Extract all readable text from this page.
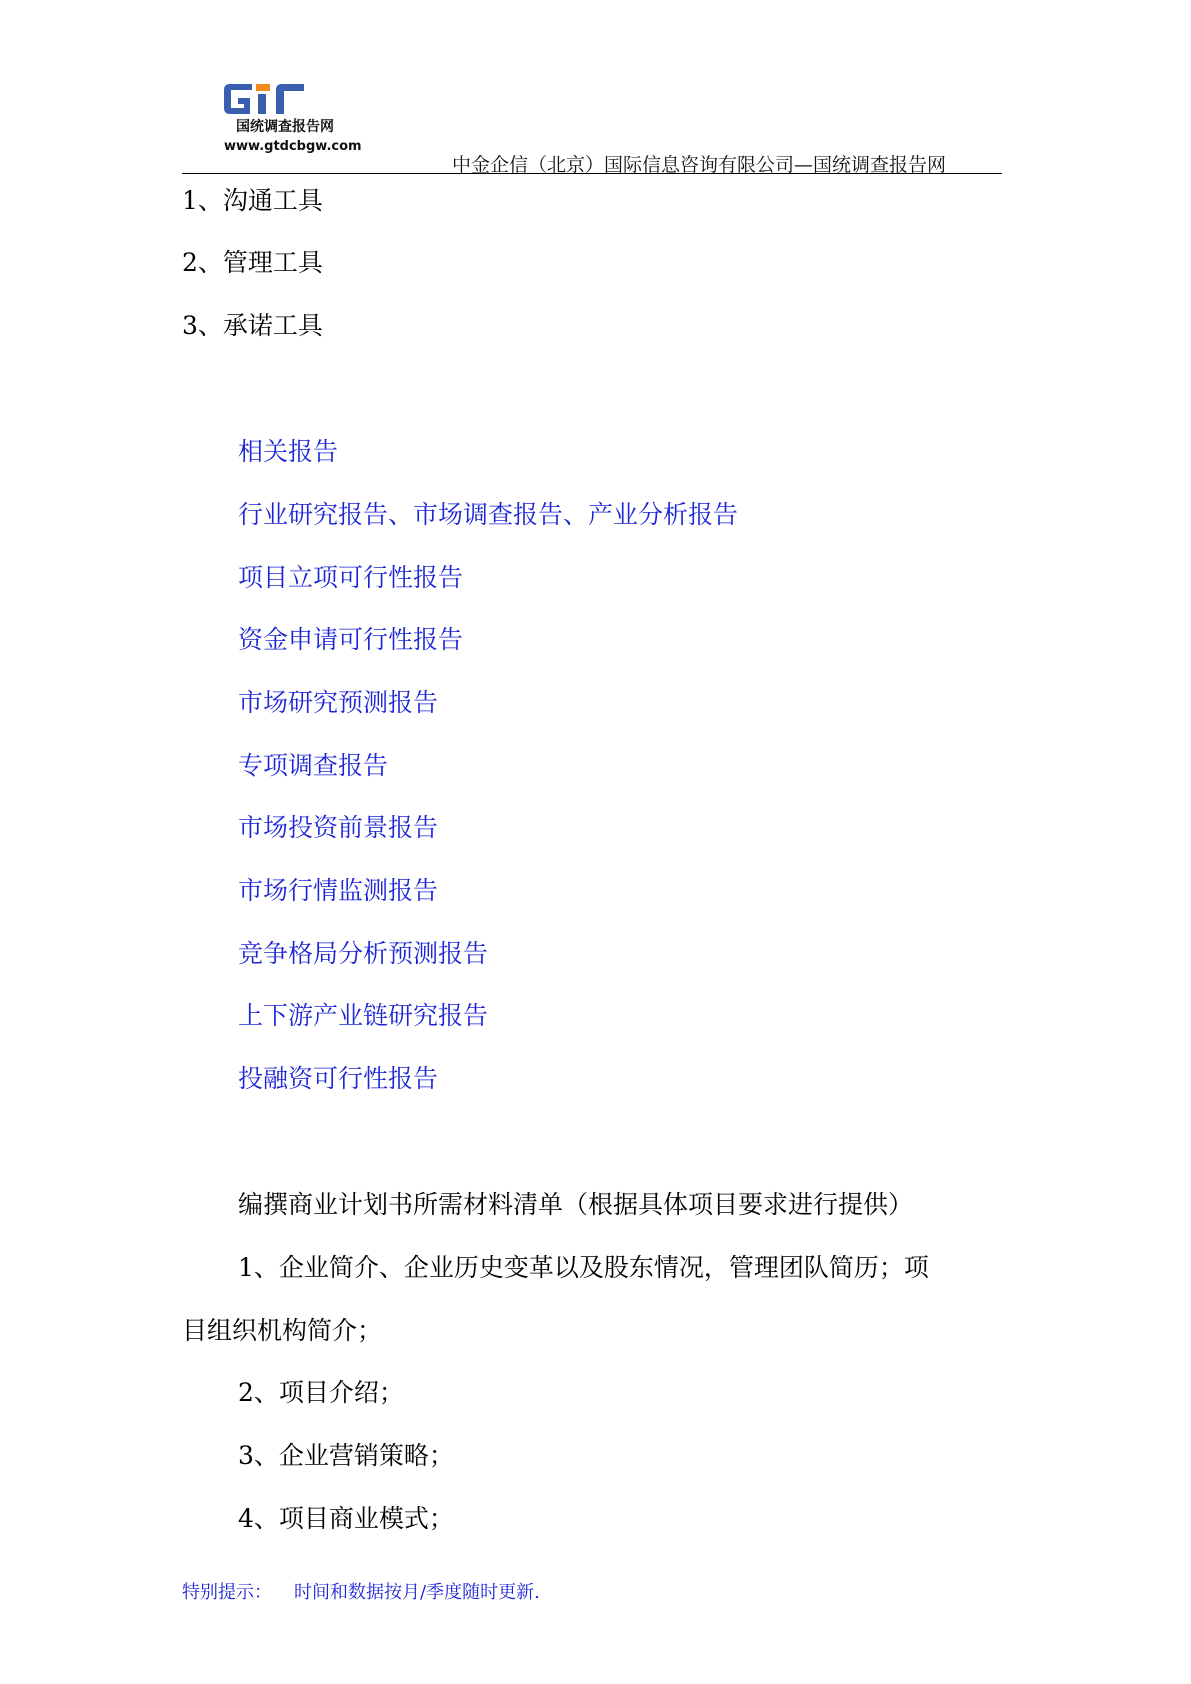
国统调查报告网
www.gtdcbgw.com
中金企信（北京）国际信息咨询有限公司—国统调查报告网
1、沟通工具
2、管理工具
3、承诺工具
相关报告
行业研究报告、市场调查报告、产业分析报告
项目立项可行性报告
资金申请可行性报告
市场研究预测报告
专项调查报告
市场投资前景报告
市场行情监测报告
竞争格局分析预测报告
上下游产业链研究报告
投融资可行性报告
编撰商业计划书所需材料清单（根据具体项目要求进行提供）
1、企业简介、企业历史变革以及股东情况，管理团队简历；项
目组织机构简介；
2、项目介绍；
3、企业营销策略；
4、项目商业模式；
特别提示： 时间和数据按月/季度随时更新.
